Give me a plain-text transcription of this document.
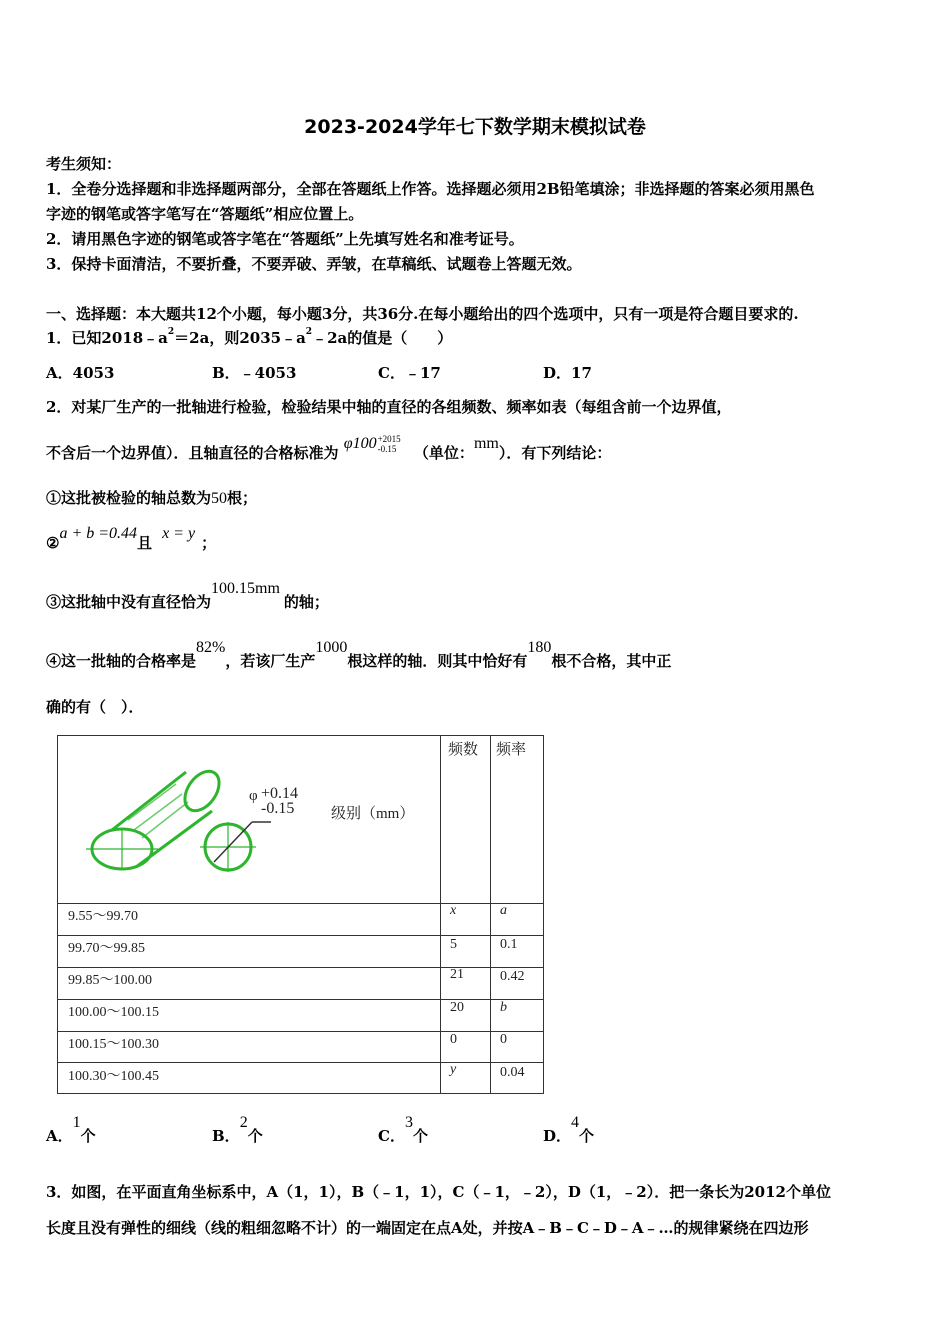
2023-2024学年七下数学期末模拟试卷
考生须知：
1．全卷分选择题和非选择题两部分，全部在答题纸上作答。选择题必须用2B铅笔填涂；非选择题的答案必须用黑色
字迹的钢笔或答字笔写在“答题纸”相应位置上。
2．请用黑色字迹的钢笔或答字笔在“答题纸”上先填写姓名和准考证号。
3．保持卡面清洁，不要折叠，不要弄破、弄皱，在草稿纸、试题卷上答题无效。
一、选择题：本大题共12个小题，每小题3分，共36分.在每小题给出的四个选项中，只有一项是符合题目要求的.
1．已知$2018﹣a^2=2a$，则$2035﹣a^2﹣2a$的值是（　　）
A．4053	B．﹣4053	C．﹣17	D．17
2．对某厂生产的一批轴进行检验，检验结果中轴的直径的各组频数、频率如表（每组含前一个边界值，
不含后一个边界值）．且轴直径的合格标准为 φ100+2015
-0.15 （单位：mm）．有下列结论：
①这批被检验的轴总数为50根；
②a + b =0.44且x = y；
③这批轴中没有直径恰为100.15mm的轴；
④这一批轴的合格率是82%，若该厂生产1000根这样的轴．则其中恰好有180根不合格，其中正
确的有（　）．
φ +0.14
-0.15 级别（mm）
频数 频率
9.55～99.70	x	a
99.70～99.85	5	0.1
99.85～100.00	21	0.42
100.00～100.15	20	b
100.15～100.30	0	0
100.30～100.45	y	0.04
A．1个	B．2个	C．3个	D．4个
3．如图，在平面直角坐标系中，A（1，1），B（﹣1，1），C（﹣1，﹣2），D（1，﹣2）．把一条长为2012个单位
长度且没有弹性的细线（线的粗细忽略不计）的一端固定在点A处，并按A﹣B﹣C﹣D﹣A﹣…的规律紧绕在四边形
